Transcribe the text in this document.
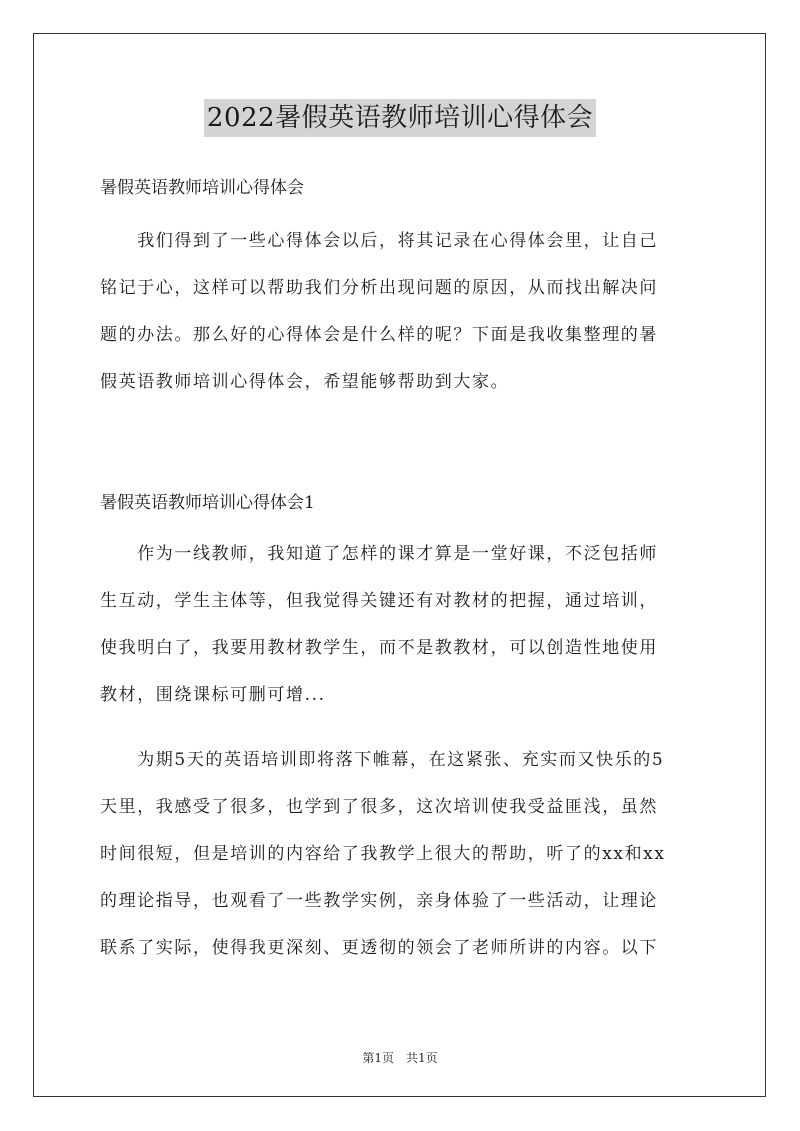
2022暑假英语教师培训心得体会
暑假英语教师培训心得体会
　　我们得到了一些心得体会以后，将其记录在心得体会里，让自己
铭记于心，这样可以帮助我们分析出现问题的原因，从而找出解决问
题的办法。那么好的心得体会是什么样的呢？下面是我收集整理的暑
假英语教师培训心得体会，希望能够帮助到大家。
暑假英语教师培训心得体会1
　　作为一线教师，我知道了怎样的课才算是一堂好课，不泛包括师
生互动，学生主体等，但我觉得关键还有对教材的把握，通过培训，
使我明白了，我要用教材教学生，而不是教教材，可以创造性地使用
教材，围绕课标可删可增...
　　为期5天的英语培训即将落下帷幕，在这紧张、充实而又快乐的5
天里，我感受了很多，也学到了很多，这次培训使我受益匪浅，虽然
时间很短，但是培训的内容给了我教学上很大的帮助，听了的xx和xx
的理论指导，也观看了一些教学实例，亲身体验了一些活动，让理论
联系了实际，使得我更深刻、更透彻的领会了老师所讲的内容。以下
第1页　共1页
